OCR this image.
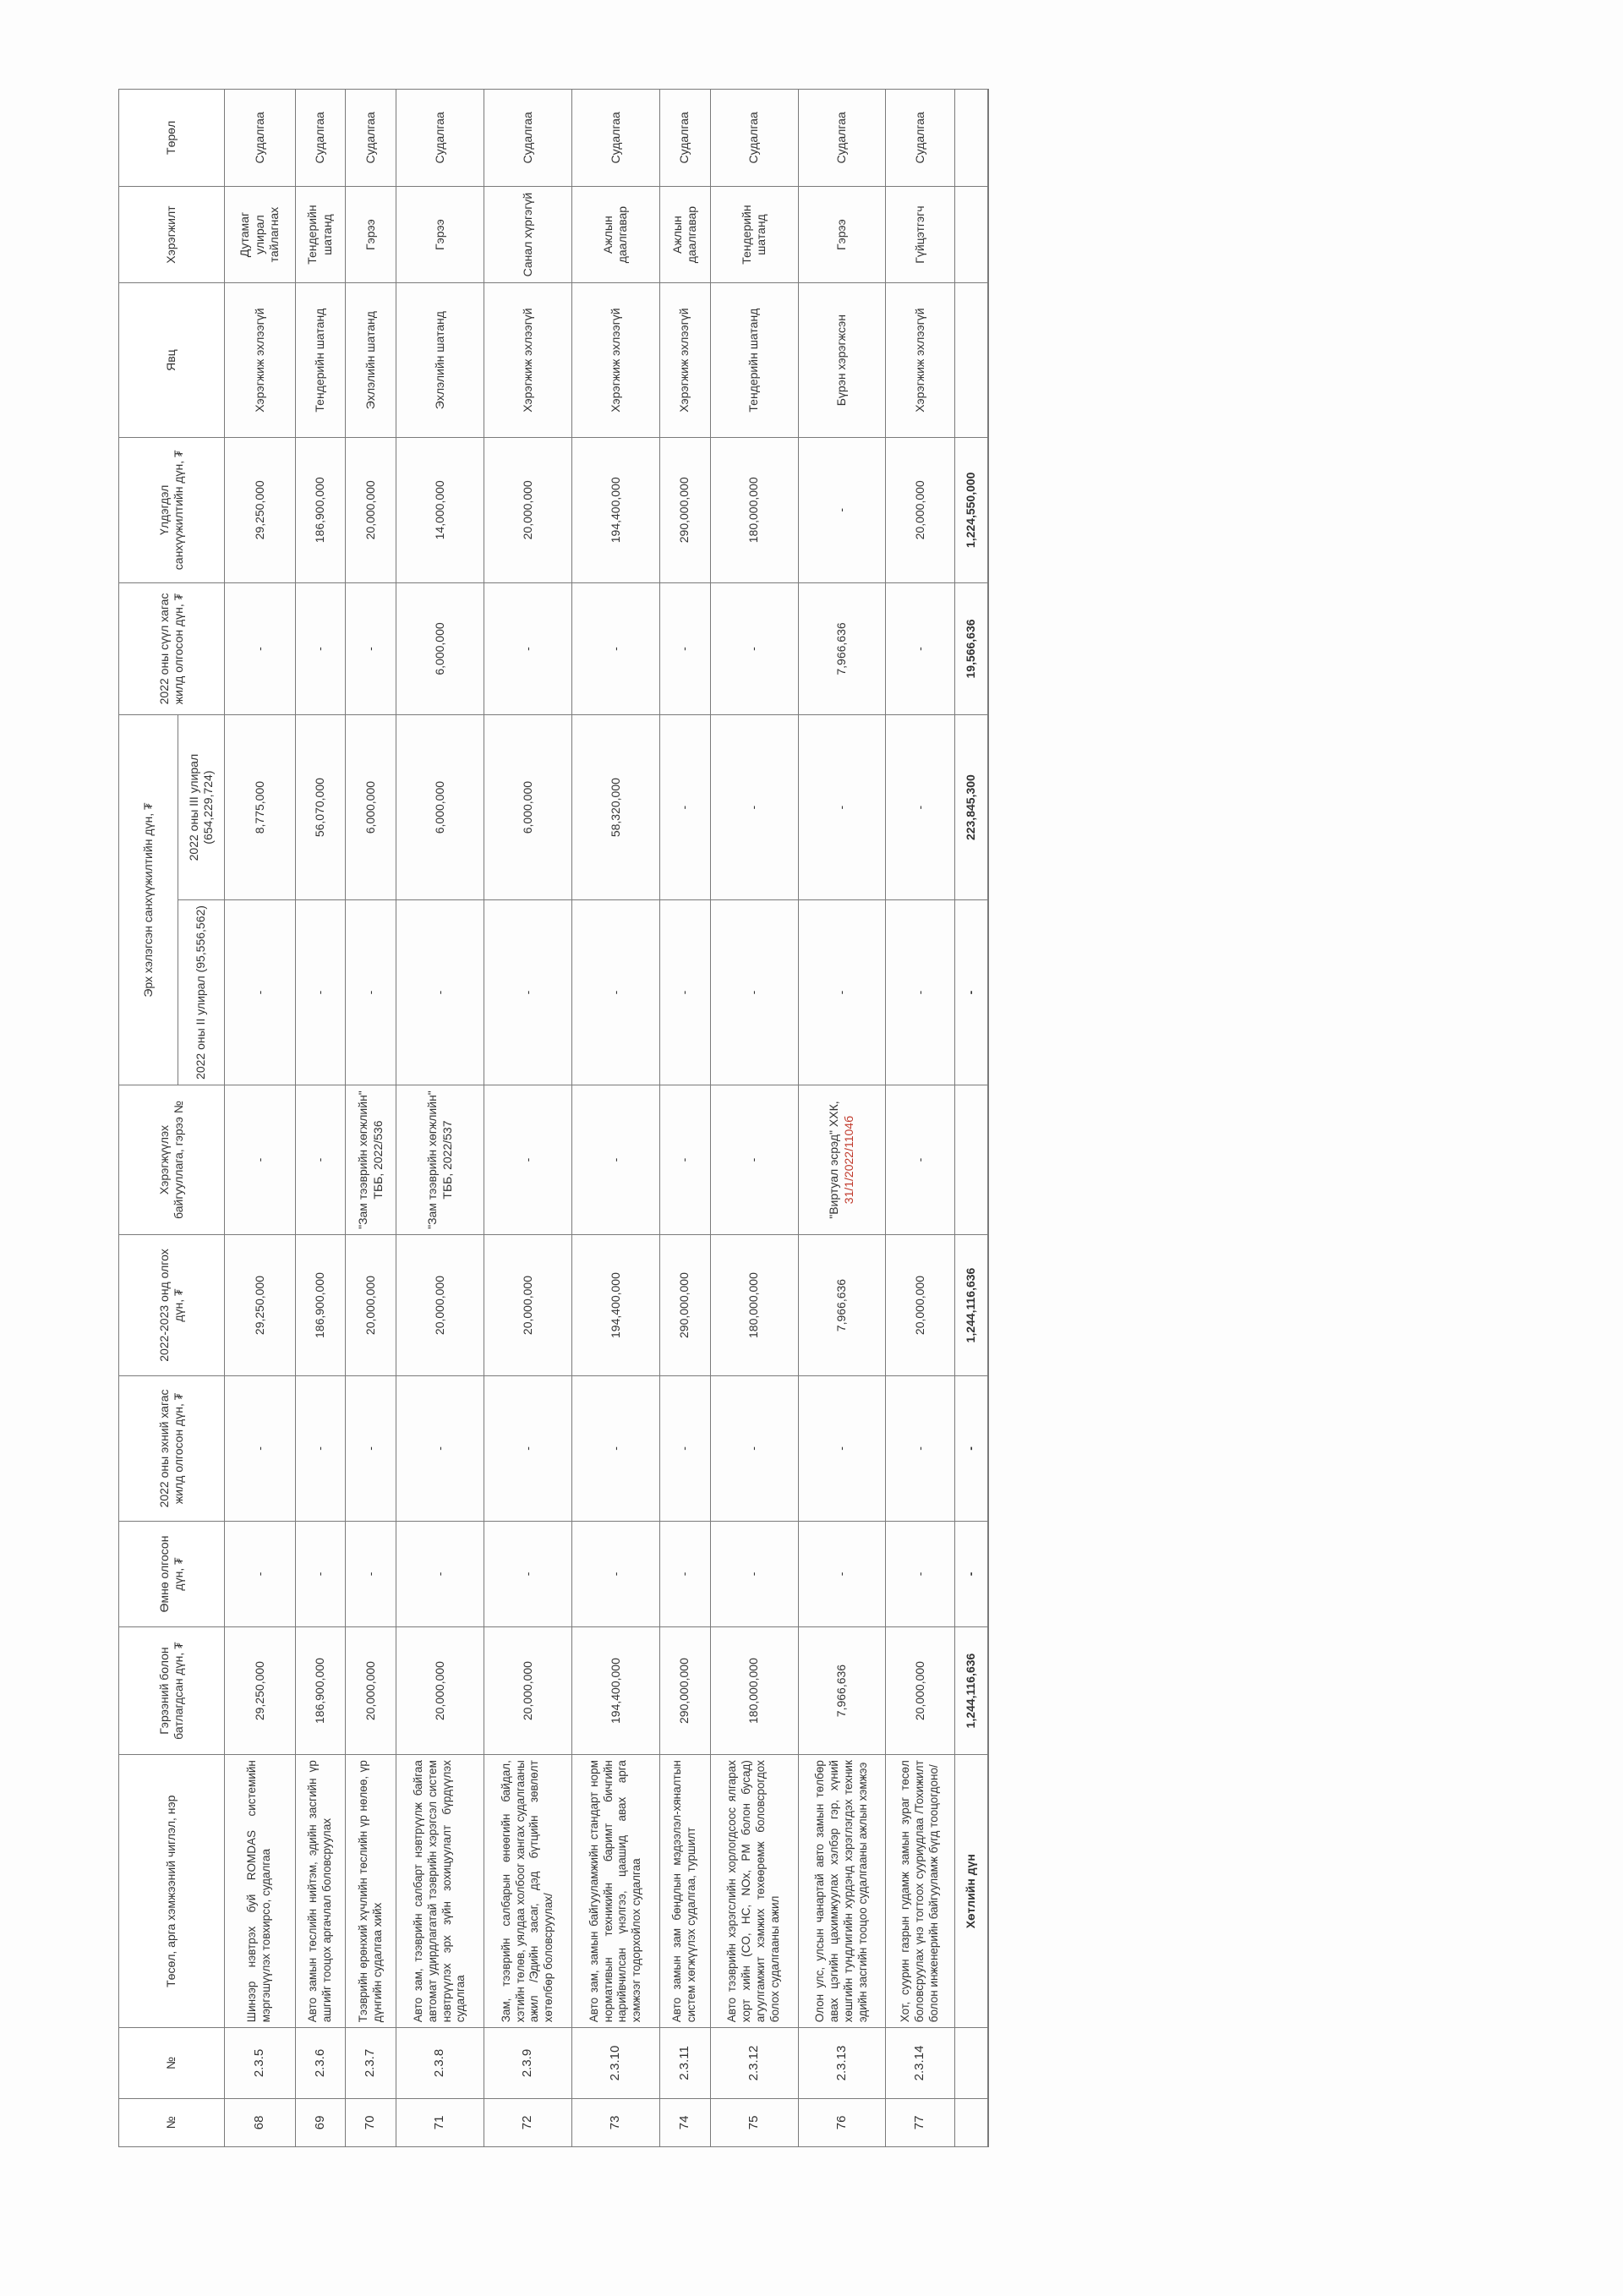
№	№	Төсөл, арга хэмжээний чиглэл, нэр	Гэрээний болон батлагдсан дүн, ₮	Өмнө олгосон дүн, ₮	2022 оны эхний хагас жилд олгосон дүн, ₮	2022-2023 онд олгох дүн, ₮	Хэрэгжүүлэх байгууллага, гэрээ №	Эрх хэлэгсэн санхүүжилтийн дүн, ₮		2022 оны сүүл хагас жилд олгосон дүн, ₮	Үлдэгдэл санхүүжилтийн дүн, ₮	Явц	Хэрэгжилт	Төрөл
								2022 оны II улирал (95,556,562)	2022 оны III улирал (654,229,724)					
68	2.3.5	Шинээр нэвтрэх буй ROMDAS системийн мэргэшүүлэх товхирсо, судалгаа	29,250,000	-	-	29,250,000	-	-	8,775,000	-	29,250,000	Хэрэгжиж эхлээгүй	Дутамаг улирал тайлагнах	Судалгаа
69	2.3.6	Авто замын төслийн нийтэм, эдийн засгийн үр ашгийг тооцох аргачлал боловсруулах	186,900,000	-	-	186,900,000	-	-	56,070,000	-	186,900,000	Тендерийн шатанд	Тендерийн шатанд	Судалгаа
70	2.3.7	Тээврийн өрөнхий хүчлийн төслийн үр нөлөө, үр дүнгийн судалгаа хийх	20,000,000	-	-	20,000,000	"Зам тээврийн хөгжлийн" ТББ, 2022/536	-	6,000,000	-	20,000,000	Эхлэлийн шатанд	Гэрээ	Судалгаа
71	2.3.8	Авто зам, тээврийн салбарт нэвтрүүлж байгаа автомат удирдлагатай тээврийн хэрэгсэл систем нэвтрүүлэх эрх зүйн зохицуулалт бүрдүүлэх судалгаа	20,000,000	-	-	20,000,000	"Зам тээврийн хөгжлийн" ТББ, 2022/537	-	6,000,000	6,000,000	14,000,000	Эхлэлийн шатанд	Гэрээ	Судалгаа
72	2.3.9	Зам, тээврийн салбарын өнөөгийн байдал, хэтийн төлөв, уялдаа холбоог хангах судалгааны ажил /Эдийн засаг, дэд бүтцийн зөвлөлт хөтөлбөр боловсруулах/	20,000,000	-	-	20,000,000	-	-	6,000,000	-	20,000,000	Хэрэгжиж эхлээгүй	Санал хүргэгүй	Судалгаа
73	2.3.10	Авто зам, замын байгууламжийн стандарт норм нормативын техникийн баримт бичгийн нарийвчилсан үнэлгээ, цаашид авах арга хэмжээг тодорхойлох судалгаа	194,400,000	-	-	194,400,000	-	-	58,320,000	-	194,400,000	Хэрэгжиж эхлээгүй	Ажлын даалгавар	Судалгаа
74	2.3.11	Авто замын зам бөндлын мэдээлэл-хяналтын систем хөгжүүлэх судалгаа, туршилт	290,000,000	-	-	290,000,000	-	-	-	-	290,000,000	Хэрэгжиж эхлээгүй	Ажлын даалгавар	Судалгаа
75	2.3.12	Авто тээврийн хэрэгслийн хорлогдсоос ялгарах хорт хийн (CO, HC, NOx, PM болон бусад) агуулгамжит хэмжих төхөөрөмж боловсрогдох болох судалгааны ажил	180,000,000	-	-	180,000,000	-	-	-	-	180,000,000	Тендерийн шатанд	Тендерийн шатанд	Судалгаа
76	2.3.13	Олон улс, улсын чанартай авто замын төлбөр авах цэгийн цахимжуулах хэлбэр гэр, хүний хөшгийн тундлигийн хурдэнд хэрэглэгдэх техник эдийн засгийн тооцоо судалгааны ажлын хэмжээ	7,966,636	-	-	7,966,636	"Виртуал эсрэд" ХХК, 31/1/2022/1104б	-	-	7,966,636	-	Бүрэн хэрэгжсэн	Гэрээ	Судалгаа
77	2.3.14	Хот, суурин газрын гудамж замын зураг төсөл боловсруулах үнэ тогтоох сууриудлаа /Тохижилт болон инженерийн байгууламж бүгд тооцогдоно/	20,000,000	-	-	20,000,000	-	-	-	-	20,000,000	Хэрэгжиж эхлээгүй	Гүйцэтгэгч	Судалгаа
		Хөтлийн дүн	1,244,116,636	-	-	1,244,116,636		-	223,845,300	19,566,636	1,224,550,000			
